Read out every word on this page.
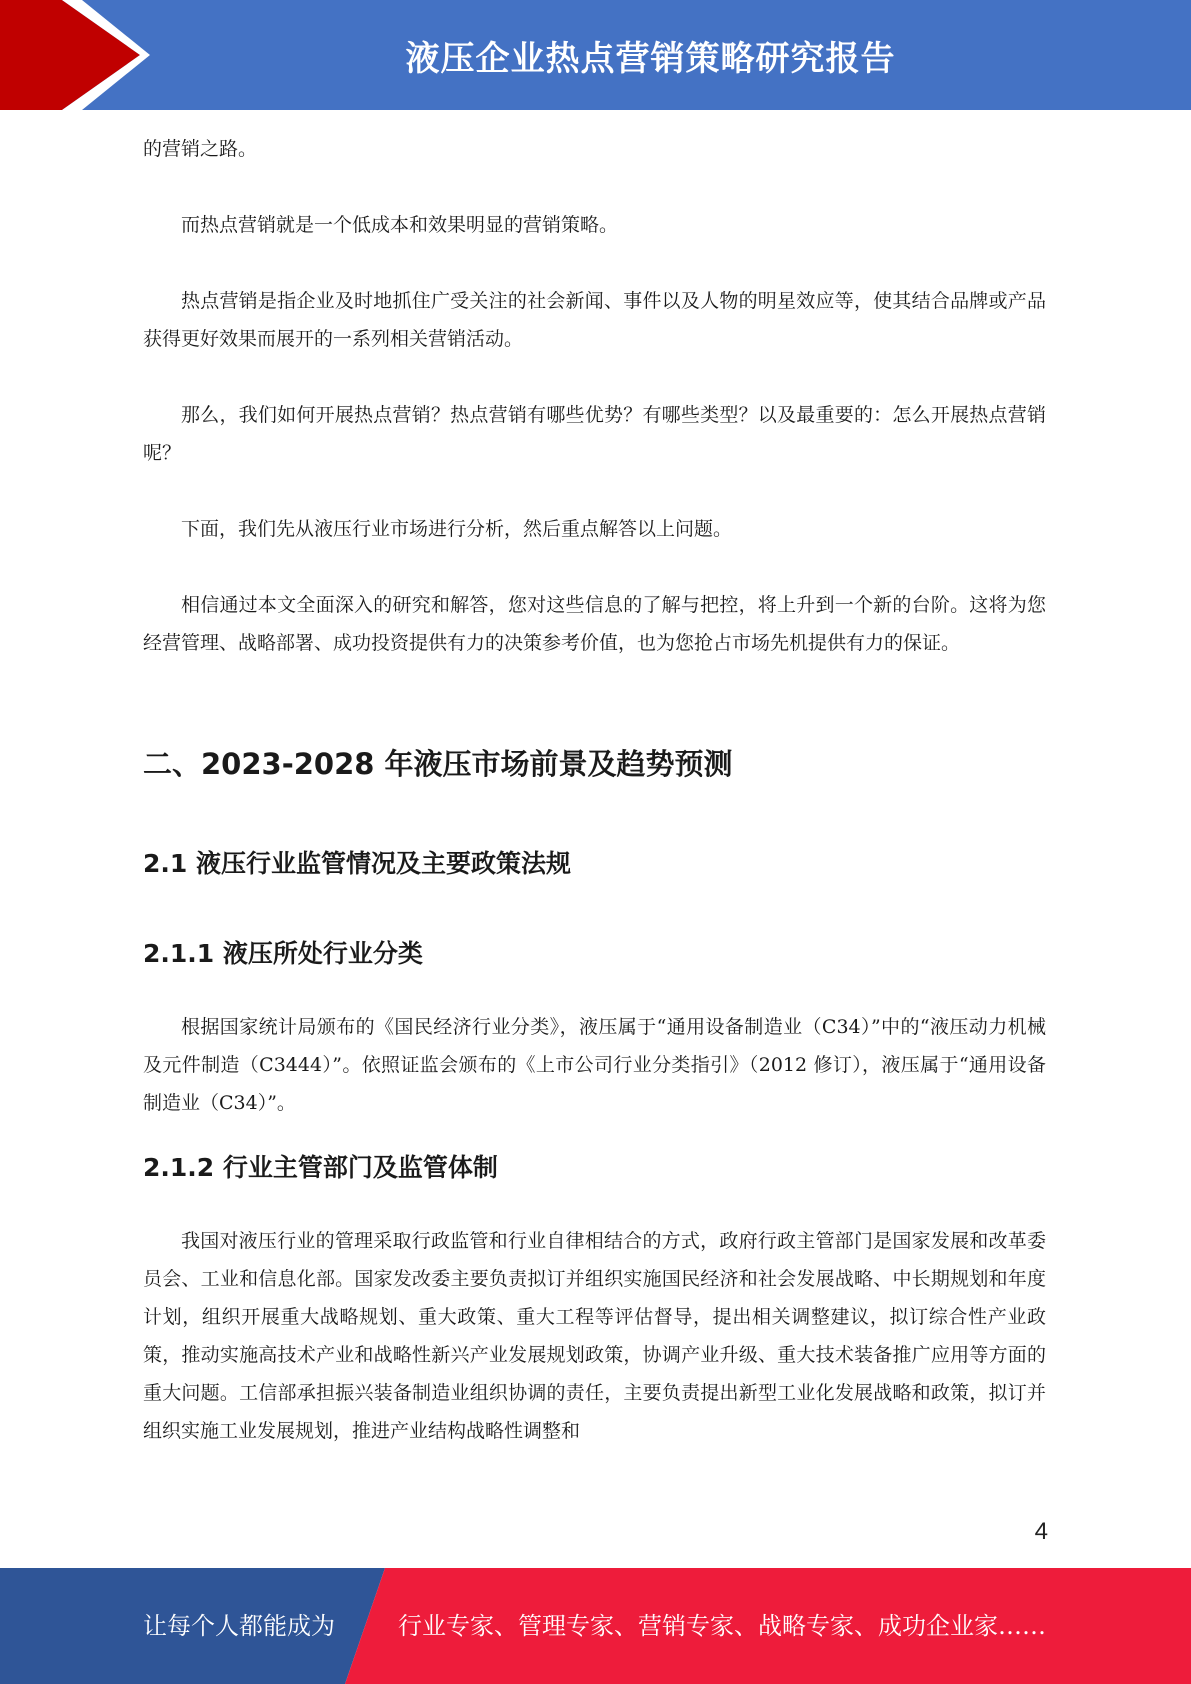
液压企业热点营销策略研究报告

的营销之路。

而热点营销就是一个低成本和效果明显的营销策略。

热点营销是指企业及时地抓住广受关注的社会新闻、事件以及人物的明星效应等，使其结合品牌或产品获得更好效果而展开的一系列相关营销活动。

那么，我们如何开展热点营销？热点营销有哪些优势？有哪些类型？以及最重要的：怎么开展热点营销呢？

下面，我们先从液压行业市场进行分析，然后重点解答以上问题。

相信通过本文全面深入的研究和解答，您对这些信息的了解与把控，将上升到一个新的台阶。这将为您经营管理、战略部署、成功投资提供有力的决策参考价值，也为您抢占市场先机提供有力的保证。

二、2023-2028 年液压市场前景及趋势预测
2.1 液压行业监管情况及主要政策法规
2.1.1 液压所处行业分类

根据国家统计局颁布的《国民经济行业分类》，液压属于“通用设备制造业（C34）”中的“液压动力机械及元件制造（C3444）”。依照证监会颁布的《上市公司行业分类指引》（2012 修订），液压属于“通用设备制造业（C34）”。

2.1.2 行业主管部门及监管体制

我国对液压行业的管理采取行政监管和行业自律相结合的方式，政府行政主管部门是国家发展和改革委员会、工业和信息化部。国家发改委主要负责拟订并组织实施国民经济和社会发展战略、中长期规划和年度计划，组织开展重大战略规划、重大政策、重大工程等评估督导，提出相关调整建议，拟订综合性产业政策，推动实施高技术产业和战略性新兴产业发展规划政策，协调产业升级、重大技术装备推广应用等方面的重大问题。工信部承担振兴装备制造业组织协调的责任，主要负责提出新型工业化发展战略和政策，拟订并组织实施工业发展规划，推进产业结构战略性调整和

4
让每个人都能成为	行业专家、管理专家、营销专家、战略专家、成功企业家……
